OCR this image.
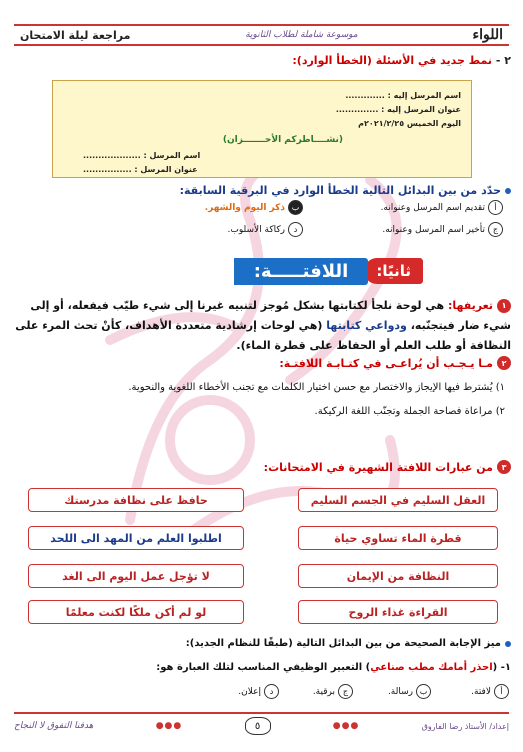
اللواء
موسوعة شاملة لطلاب الثانوية
مراجعة ليلة الامتحان
٢ - نمط جديد في الأسئلة (الخطأ الوارد):
اسم المرسل إليه : .............
عنوان المرسل إليه : ..............
اليوم الخميس ٢٠٢١/٢/٢٥م
(نشــــاطركم الأحـــــــزان)
اسم المرسل : ...................
عنوان المرسل : ................
حدّد من بين البدائل التالية الخطأ الوارد في البرقية السابقة:
أ
تقديم اسم المرسل وعنوانه.
ب
ذكر اليوم والشهر.
ج
تأخير اسم المرسل وعنوانه.
د
ركاكة الأسلوب.
ثانيًا:
اللافتـــــة:
١تعريفها: هي لوحة نلجأ لكتابتها بشكل مُوجز لتنبيه غيرنا إلى شيء طيّب فيفعله، أو إلى شيء ضار فيتجنّبه، ودواعي كتابتها (هي لوحات إرشادية متعددة الأهداف، كأنْ تحث المرء على النظافة أو طلب العلم أو الحفاظ على قطرة الماء).
٢
مـا يـجـب أن يُراعـى في كتـابـة اللافتـة:
١) يُشترط فيها الإيجاز والاختصار مع حسن اختيار الكلمات مع تجنب الأخطاء اللغوية والنحوية.
٢) مراعاة فصاحة الجملة وتجنّب اللغة الركيكة.
٣
من عبارات اللافتة الشهيرة في الامتحانات:
العقل السليم في الجسم السليم
حافظ على نظافة مدرستك
قطرة الماء تساوي حياة
اطلبوا العلم من المهد الى اللحد
النظافة من الإيمان
لا تؤجل عمل اليوم الى الغد
القراءة غذاء الروح
لو لم أكن ملكًا لكنت معلمًا
ميز الإجابة الصحيحة من بين البدائل التالية (طبقًا للنظام الجديد):
١- (احذر أمامك مطب صناعي) التعبير الوظيفي المناسب لتلك العبارة هو:
أ
لافتة.
ب
رسالة.
ج
برقية.
د
إعلان.
إعداد/ الأستاذ رضا الفاروق
●●●
٥
●●●
هدفنا التفوق لا النجاح
